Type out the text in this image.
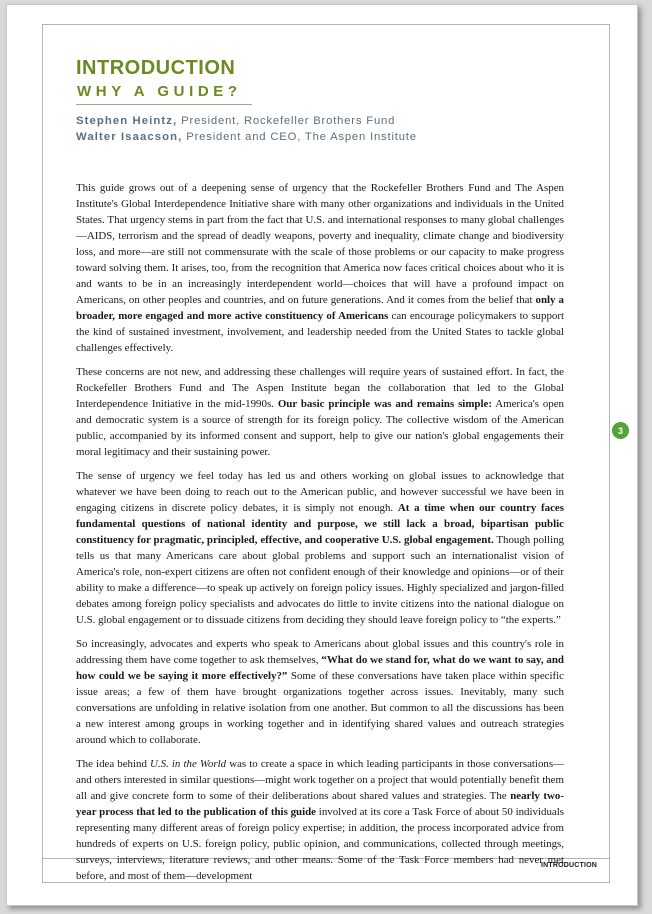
INTRODUCTION
WHY A GUIDE?
Stephen Heintz, President, Rockefeller Brothers Fund
Walter Isaacson, President and CEO, The Aspen Institute

This guide grows out of a deepening sense of urgency that the Rockefeller Brothers Fund and The Aspen Institute's Global Interdependence Initiative share with many other organizations and individuals in the United States. That urgency stems in part from the fact that U.S. and international responses to many global challenges—AIDS, terrorism and the spread of deadly weapons, poverty and inequality, climate change and biodiversity loss, and more—are still not commensurate with the scale of those problems or our capacity to make progress toward solving them. It arises, too, from the recognition that America now faces critical choices about who it is and wants to be in an increasingly interdependent world—choices that will have a profound impact on Americans, on other peoples and countries, and on future generations. And it comes from the belief that only a broader, more engaged and more active constituency of Americans can encourage policymakers to support the kind of sustained investment, involvement, and leadership needed from the United States to tackle global challenges effectively.

These concerns are not new, and addressing these challenges will require years of sustained effort. In fact, the Rockefeller Brothers Fund and The Aspen Institute began the collaboration that led to the Global Interdependence Initiative in the mid-1990s. Our basic principle was and remains simple: America's open and democratic system is a source of strength for its foreign policy. The collective wisdom of the American public, accompanied by its informed consent and support, help to give our nation's global engagements their moral legitimacy and their sustaining power.

The sense of urgency we feel today has led us and others working on global issues to acknowledge that whatever we have been doing to reach out to the American public, and however successful we have been in engaging citizens in discrete policy debates, it is simply not enough. At a time when our country faces fundamental questions of national identity and purpose, we still lack a broad, bipartisan public constituency for pragmatic, principled, effective, and cooperative U.S. global engagement. Though polling tells us that many Americans care about global problems and support such an internationalist vision of America's role, non-expert citizens are often not confident enough of their knowledge and opinions—or of their ability to make a difference—to speak up actively on foreign policy issues. Highly specialized and jargon-filled debates among foreign policy specialists and advocates do little to invite citizens into the national dialogue on U.S. global engagement or to dissuade citizens from deciding they should leave foreign policy to “the experts.”

So increasingly, advocates and experts who speak to Americans about global issues and this country's role in addressing them have come together to ask themselves, “What do we stand for, what do we want to say, and how could we be saying it more effectively?” Some of these conversations have taken place within specific issue areas; a few of them have brought organizations together across issues. Inevitably, many such conversations are unfolding in relative isolation from one another. But common to all the discussions has been a new interest among groups in working together and in identifying shared values and outreach strategies around which to collaborate.

The idea behind U.S. in the World was to create a space in which leading participants in those conversations—and others interested in similar questions—might work together on a project that would potentially benefit them all and give concrete form to some of their deliberations about shared values and strategies. The nearly two-year process that led to the publication of this guide involved at its core a Task Force of about 50 individuals representing many different areas of foreign policy expertise; in addition, the process incorporated advice from hundreds of experts on U.S. foreign policy, public opinion, and communications, collected through meetings, surveys, interviews, literature reviews, and other means. Some of the Task Force members had never met before, and most of them—development

3
INTRODUCTION
